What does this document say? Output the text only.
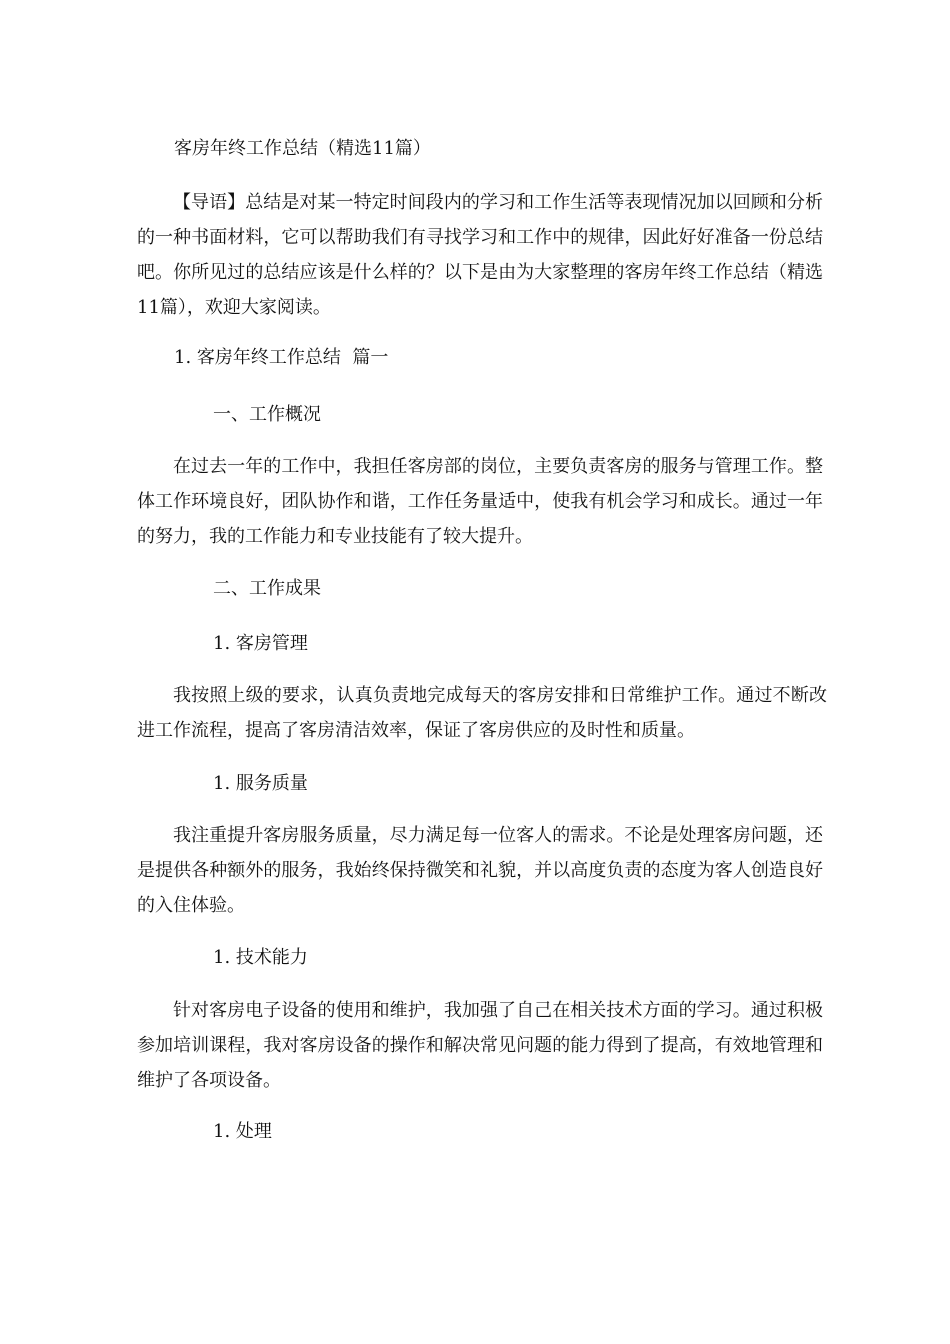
客房年终工作总结（精选11篇）

【导语】总结是对某一特定时间段内的学习和工作生活等表现情况加以回顾和分析的一种书面材料，它可以帮助我们有寻找学习和工作中的规律，因此好好准备一份总结吧。你所见过的总结应该是什么样的？以下是由为大家整理的客房年终工作总结（精选11篇），欢迎大家阅读。

1. 客房年终工作总结  篇一
一、工作概况

在过去一年的工作中，我担任客房部的岗位，主要负责客房的服务与管理工作。整体工作环境良好，团队协作和谐，工作任务量适中，使我有机会学习和成长。通过一年的努力，我的工作能力和专业技能有了较大提升。

二、工作成果
1. 客房管理

我按照上级的要求，认真负责地完成每天的客房安排和日常维护工作。通过不断改进工作流程，提高了客房清洁效率，保证了客房供应的及时性和质量。

1. 服务质量

我注重提升客房服务质量，尽力满足每一位客人的需求。不论是处理客房问题，还是提供各种额外的服务，我始终保持微笑和礼貌，并以高度负责的态度为客人创造良好的入住体验。

1. 技术能力

针对客房电子设备的使用和维护，我加强了自己在相关技术方面的学习。通过积极参加培训课程，我对客房设备的操作和解决常见问题的能力得到了提高，有效地管理和维护了各项设备。

1. 处理
